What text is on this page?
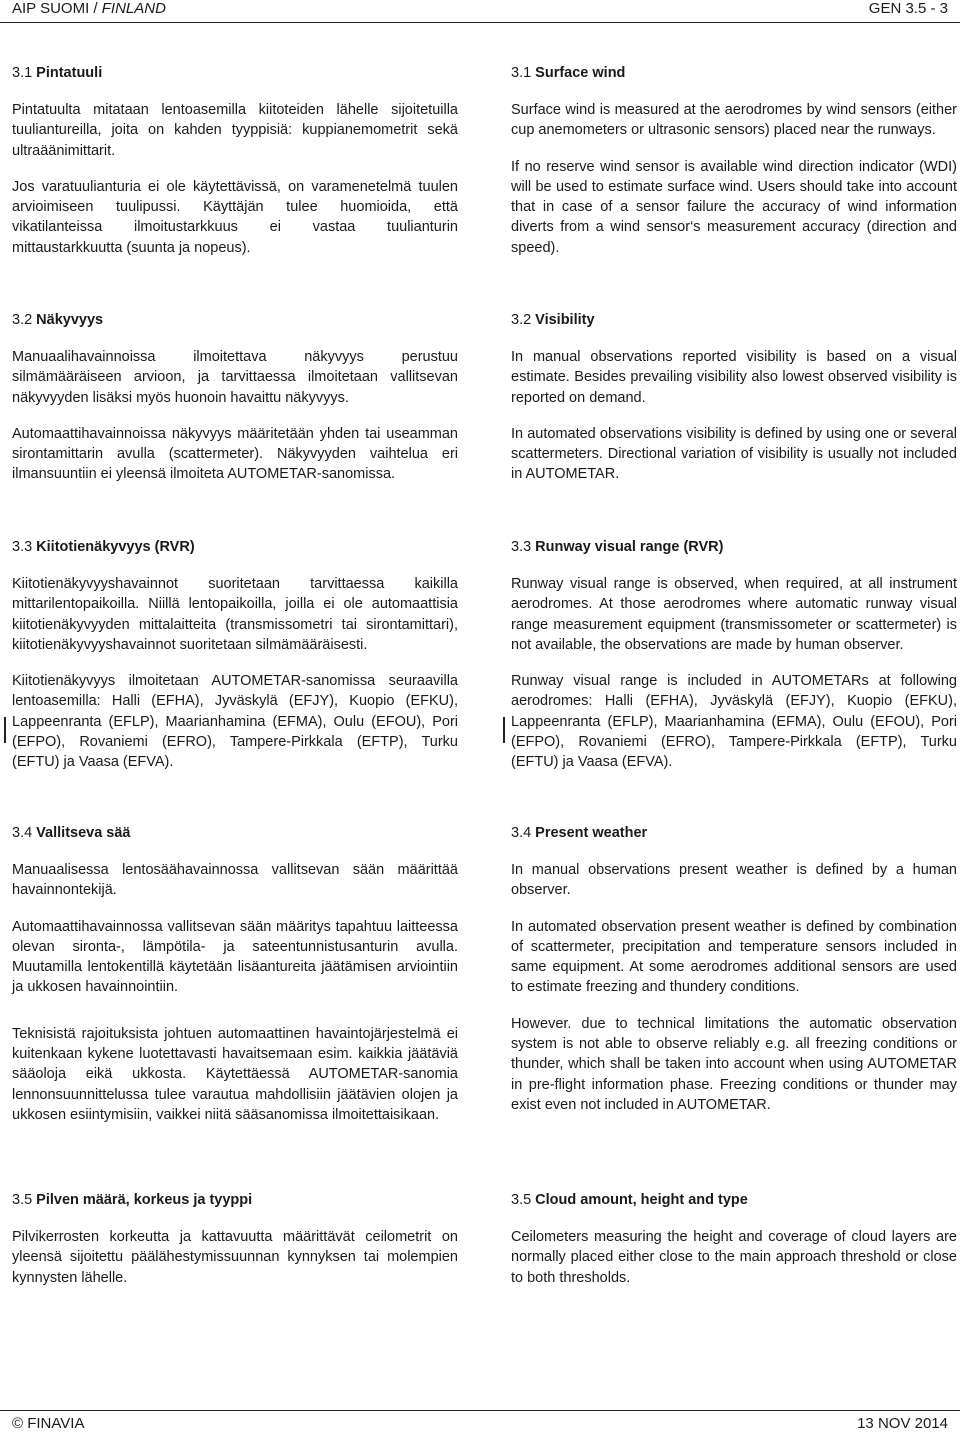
AIP SUOMI / FINLAND	GEN 3.5 - 3
3.1 Pintatuuli

Pintatuulta mitataan lentoasemilla kiitoteiden lähelle sijoitetuilla tuuliantureilla, joita on kahden tyyppisiä: kuppianemometrit sekä ultraäänimittarit.

Jos varatuulianturia ei ole käytettävissä, on varamenetelmä tuulen arvioimiseen tuulipussi. Käyttäjän tulee huomioida, että vikatilanteissa ilmoitustarkkuus ei vastaa tuulianturin mittaustarkkuutta (suunta ja nopeus).

3.2 Näkyvyys

Manuaalihavainnoissa ilmoitettava näkyvyys perustuu silmämääräiseen arvioon, ja tarvittaessa ilmoitetaan vallitsevan näkyvyyden lisäksi myös huonoin havaittu näkyvyys.

Automaattihavainnoissa näkyvyys määritetään yhden tai useamman sirontamittarin avulla (scattermeter). Näkyvyyden vaihtelua eri ilmansuuntiin ei yleensä ilmoiteta AUTOMETAR-sanomissa.

3.3 Kiitotienäkyvyys (RVR)

Kiitotienäkyvyyshavainnot suoritetaan tarvittaessa kaikilla mittarilentopaikoilla. Niillä lentopaikoilla, joilla ei ole automaattisia kiitotienäkyvyyden mittalaitteita (transmissometri tai sirontamittari), kiitotienäkyvyyshavainnot suoritetaan silmämääräisesti.

Kiitotienäkyvyys ilmoitetaan AUTOMETAR-sanomissa seuraavilla lentoasemilla: Halli (EFHA), Jyväskylä (EFJY), Kuopio (EFKU), Lappeenranta (EFLP), Maarianhamina (EFMA), Oulu (EFOU), Pori (EFPO), Rovaniemi (EFRO), Tampere-Pirkkala (EFTP), Turku (EFTU) ja Vaasa (EFVA).

3.4 Vallitseva sää

Manuaalisessa lentosäähavainnossa vallitsevan sään määrittää havainnontekijä.

Automaattihavainnossa vallitsevan sään määritys tapahtuu laitteessa olevan sironta-, lämpötila- ja sateentunnistusanturin avulla. Muutamilla lentokentillä käytetään lisäantureita jäätämisen arviointiin ja ukkosen havainnointiin.

Teknisistä rajoituksista johtuen automaattinen havaintojärjestelmä ei kuitenkaan kykene luotettavasti havaitsemaan esim. kaikkia jäätäviä sääoloja eikä ukkosta. Käytettäessä AUTOMETAR-sanomia lennonsuunnittelussa tulee varautua mahdollisiin jäätävien olojen ja ukkosen esiintymisiin, vaikkei niitä sääsanomissa ilmoitettaisikaan.

3.5 Pilven määrä, korkeus ja tyyppi

Pilvikerrosten korkeutta ja kattavuutta määrittävät ceilometrit on yleensä sijoitettu päälähestymissuunnan kynnyksen tai molempien kynnysten lähelle.

3.1 Surface wind

Surface wind is measured at the aerodromes by wind sensors (either cup anemometers or ultrasonic sensors) placed near the runways.

If no reserve wind sensor is available wind direction indicator (WDI) will be used to estimate surface wind. Users should take into account that in case of a sensor failure the accuracy of wind information diverts from a wind sensor‘s measurement accuracy (direction and speed).

3.2 Visibility

In manual observations reported visibility is based on a visual estimate. Besides prevailing visibility also lowest observed visibility is reported on demand.

In automated observations visibility is defined by using one or several scattermeters. Directional variation of visibility is usually not included in AUTOMETAR.

3.3 Runway visual range (RVR)

Runway visual range is observed, when required, at all instrument aerodromes. At those aerodromes where automatic runway visual range measurement equipment (transmissometer or scattermeter) is not available, the observations are made by human observer.

Runway visual range is included in AUTOMETARs at following aerodromes: Halli (EFHA), Jyväskylä (EFJY), Kuopio (EFKU), Lappeenranta (EFLP), Maarianhamina (EFMA), Oulu (EFOU), Pori (EFPO), Rovaniemi (EFRO), Tampere-Pirkkala (EFTP), Turku (EFTU) ja Vaasa (EFVA).

3.4 Present weather

In manual observations present weather is defined by a human observer.

In automated observation present weather is defined by combination of scattermeter, precipitation and temperature sensors included in same equipment. At some aerodromes additional sensors are used to estimate freezing and thundery conditions.

However. due to technical limitations the automatic observation system is not able to observe reliably e.g. all freezing conditions or thunder, which shall be taken into account when using AUTOMETAR in pre-flight information phase. Freezing conditions or thunder may exist even not included in AUTOMETAR.

3.5 Cloud amount, height and type

Ceilometers measuring the height and coverage of cloud layers are normally placed either close to the main approach threshold or close to both thresholds.

© FINAVIA	13 NOV 2014
